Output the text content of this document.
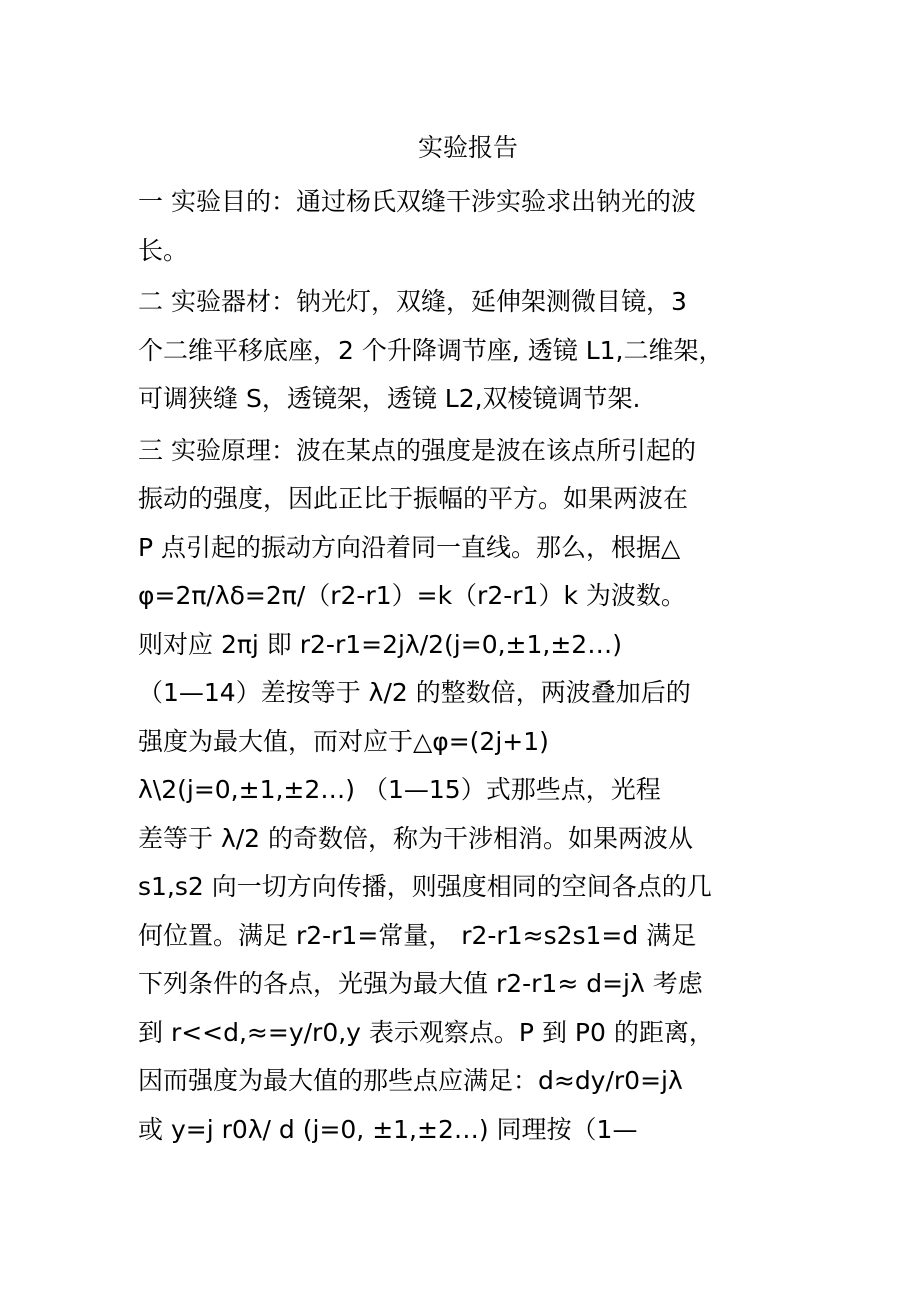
实验报告
一 实验目的：通过杨氏双缝干涉实验求出钠光的波
长。
二 实验器材：钠光灯，双缝，延伸架测微目镜，3
个二维平移底座，2 个升降调节座, 透镜 L1,二维架，
可调狭缝 S，透镜架，透镜 L2,双棱镜调节架.
三 实验原理：波在某点的强度是波在该点所引起的
振动的强度，因此正比于振幅的平方。如果两波在
P 点引起的振动方向沿着同一直线。那么，根据△
φ=2π/λδ=2π/（r2-r1）=k（r2-r1）k 为波数。
则对应 2πj 即 r2-r1=2jλ/2(j=0,±1,±2…)
（1—14）差按等于 λ/2 的整数倍，两波叠加后的
强度为最大值，而对应于△φ=(2j+1)
λ\2(j=0,±1,±2…) （1—15）式那些点，光程
差等于 λ/2 的奇数倍，称为干涉相消。如果两波从
s1,s2 向一切方向传播，则强度相同的空间各点的几
何位置。满足 r2-r1=常量， r2-r1≈s2s1=d 满足
下列条件的各点，光强为最大值 r2-r1≈ d=jλ 考虑
到 r<<d,≈=y/r0,y 表示观察点。P 到 P0 的距离，
因而强度为最大值的那些点应满足：d≈dy/r0=jλ
或 y=j r0λ/ d (j=0, ±1,±2…) 同理按（1—
